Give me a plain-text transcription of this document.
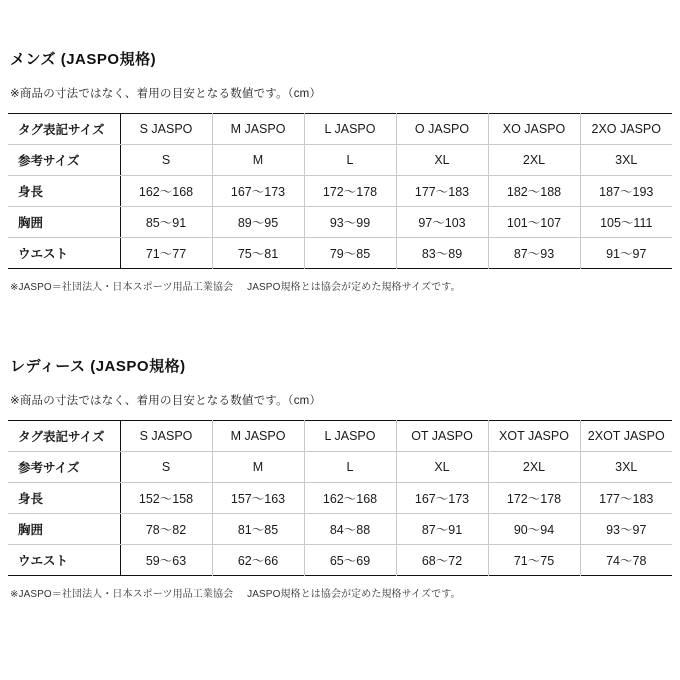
メンズ (JASPO規格)

※商品の寸法ではなく、着用の目安となる数値です。（cm）

タグ表記サイズ	S JASPO	M JASPO	L JASPO	O JASPO	XO JASPO	2XO JASPO
参考サイズ	S	M	L	XL	2XL	3XL
身長	162〜168	167〜173	172〜178	177〜183	182〜188	187〜193
胸囲	85〜91	89〜95	93〜99	97〜103	101〜107	105〜111
ウエスト	71〜77	75〜81	79〜85	83〜89	87〜93	91〜97
※JASPO＝社団法人・日本スポーツ用品工業協会 JASPO規格とは協会が定めた規格サイズです。
レディース (JASPO規格)

※商品の寸法ではなく、着用の目安となる数値です。（cm）

タグ表記サイズ	S JASPO	M JASPO	L JASPO	OT JASPO	XOT JASPO	2XOT JASPO
参考サイズ	S	M	L	XL	2XL	3XL
身長	152〜158	157〜163	162〜168	167〜173	172〜178	177〜183
胸囲	78〜82	81〜85	84〜88	87〜91	90〜94	93〜97
ウエスト	59〜63	62〜66	65〜69	68〜72	71〜75	74〜78
※JASPO＝社団法人・日本スポーツ用品工業協会 JASPO規格とは協会が定めた規格サイズです。
